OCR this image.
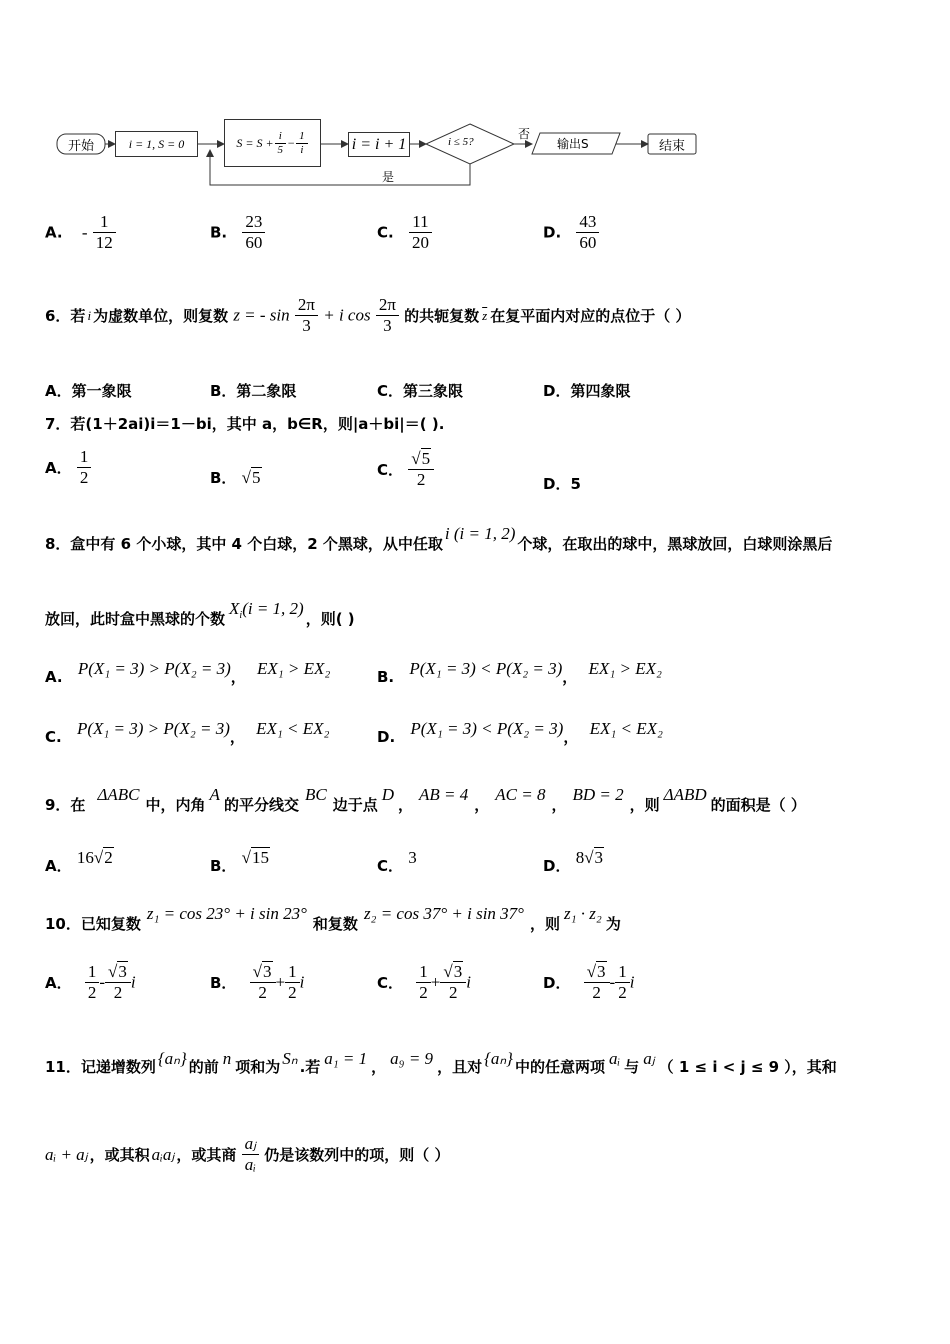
开始	i = 1, S = 0	$S = S + \frac{i}{5} - \frac{1}{i}$	i = i + 1	i ≤ 5?
否
是
输出S	结束
A. - $\frac{1}{12}$	B. $\frac{23}{60}$	C. $\frac{11}{20}$	D. $\frac{43}{60}$
6．若 i 为虚数单位，则复数 z = - $\sin \frac{2\pi}{3} + i$ $\cos \frac{2\pi}{3}$ 的共轭复数 $\overline{z}$ 在复平面内对应的点位于（ ）
A．第一象限	B．第二象限	C．第三象限	D．第四象限
7．若(1＋2ai)i＝1－bi，其中 a，b∈R，则|a＋bi|＝( ).
A． $\frac{1}{2}$	B． √5	C． $\frac{√5}{2}$	D．5
8．盒中有 6 个小球，其中 4 个白球，2 个黑球，从中任取i (i = 1, 2)个球，在取出的球中，黑球放回，白球则涂黑后
放回，此时盒中黑球的个数$X^i(i = 1$, 2)，则( )
A. P(X₁ = 3) > P(X₂ = 3)， EX₁ > EX₂	B. P(X₁ = 3) < P(X₂ = 3)， EX₁ > EX₂
C. P(X₁ = 3) > P(X₂ = 3)， EX₁ < EX₂	D. P(X₁ = 3) < P(X₂ = 3)， EX₁ < EX₂
9．在ΔABC中，内角A的平分线交BC边于点D，AB = 4，AC = 8，BD = 2，则ΔABD的面积是（ ）
A． 16√2	B． √15	C． 3	D． 8√3
10．已知复数z₁ = cos 23° + i sin 23°和复数z₂ = cos 37° + i sin 37°，则z₁ · z₂为
A． $\frac{1}{2} - \frac{√3}{2}$ i	B． $\frac{√3}{2} + \frac{1}{2}$ i	C． $\frac{1}{2} + \frac{√3}{2}$ i	D． $\frac{√3}{2} - \frac{1}{2}$ i
11．记递增数列 {aₙ} 的前 n 项和为 Sₙ .若 a₁ = 1 ， a₉ = 9 ，且对 {aₙ} 中的任意两项 aᵢ 与 aⱼ （ 1 ≤ i < j ≤ 9 ），其和
aᵢ + aⱼ ，或其积 aᵢaⱼ ，或其商 $\frac{\text{aⱼ}}{\text{aᵢ}}$ 仍是该数列中的项，则（ ）
